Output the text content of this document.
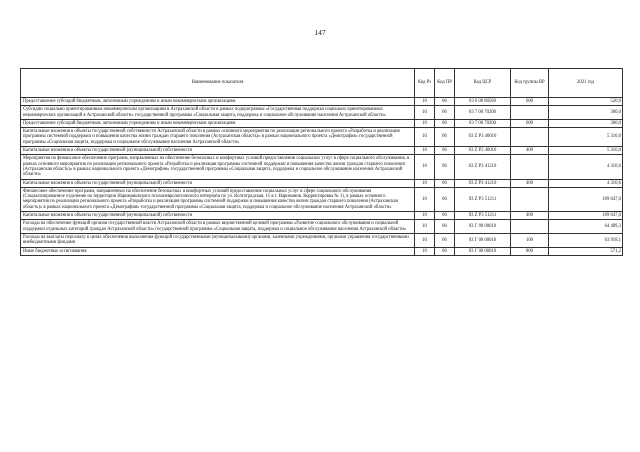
147
Наименование показателя	Код Рз	Код ПР	Код ЦСР	Код группы ВР	2021 год
Предоставление субсидий бюджетным, автономным учреждениям и иным некоммерческим организациям	10	06	03 6 00 80560	600	520,0
Субсидии социально ориентированным некоммерческим организациям в Астраханской области в рамках подпрограммы «Государственная поддержка социально ориентированных некоммерческих организаций в Астраханской области» государственной программы «Социальная защита, поддержка и социальное обслуживание населения Астраханской области»	10	06	03 7 00 70200		300,0
Предоставление субсидий бюджетным, автономным учреждениям и иным некоммерческим организациям	10	06	03 7 00 70200	600	300,0
Капитальные вложения в объекты государственной собственности Астраханской области в рамках основного мероприятия по реализации регионального проекта «Разработка и реализация программы системной поддержки и повышения качества жизни граждан старшего поколения (Астраханская область)» в рамках национального проекта «Демография» государственной программы «Социальная защита, поддержка и социальное обслуживание населения Астраханской области»	10	06	03 Z P3 40010		5 310,0
Капитальные вложения в объекты государственной (муниципальной) собственности	10	06	03 Z P3 40010	400	5 310,0
Мероприятия на финансовое обеспечение программ, направленных на обеспечение безопасных и комфортных условий предоставления социальных услуг в сфере социального обслуживания, в рамках основного мероприятия по реализации регионального проекта «Разработка и реализация программы системной поддержки и повышения качества жизни граждан старшего поколения (Астраханская область)» в рамках национального проекта «Демография» государственной программы «Социальная защита, поддержка и социальное обслуживание населения Астраханской области»	10	06	03 Z P3 41210		4 310,6
Капитальные вложения в объекты государственной (муниципальной) собственности	10	06	03 Z P3 41210	400	4 310,6
Финансовое обеспечение программ, направленных на обеспечение безопасных и комфортных условий предоставления социальных услуг в сфере социального обслуживания (Социализированное отделение на территории Наримановского психоневрологического интерната по ул. Волгоградская, 11 в г. Нариманов. Корректировка № 1), в рамках основного мероприятия по реализации регионального проекта «Разработка и реализация программы системной поддержки и повышения качества жизни граждан старшего поколения (Астраханская область)» в рамках национального проекта «Демография» государственной программы «Социальная защита, поддержка и социальное обслуживание населения Астраханской области»	10	06	03 Z P3 51211		109 647,0
Капитальные вложения в объекты государственной (муниципальной) собственности	10	06	03 Z P3 51211	400	109 647,0
Расходы на обеспечение функций органов государственной власти Астраханской области в рамках ведомственной целевой программы «Развитие социального обслуживания и социальной поддержки отдельных категорий граждан Астраханской области» государственной программы «Социальная защита, поддержка и социальное обслуживание населения Астраханской области»	10	06	03 Г 00 00010		64 489,3
Расходы на выплаты персоналу в целях обеспечения выполнения функций государственными (муниципальными) органами, казенными учреждениями, органами управления государственными внебюджетными фондами	10	06	03 Г 00 00010	100	63 918,1
Иные бюджетные ассигнования	10	06	03 Г 00 00010	800	571,2
